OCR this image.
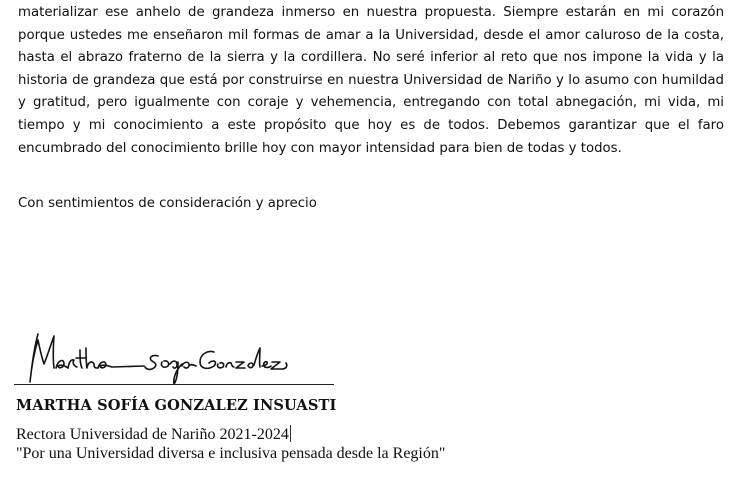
materializar ese anhelo de grandeza inmerso en nuestra propuesta. Siempre estarán en mi corazón porque ustedes me enseñaron mil formas de amar a la Universidad, desde el amor caluroso de la costa, hasta el abrazo fraterno de la sierra y la cordillera. No seré inferior al reto que nos impone la vida y la historia de grandeza que está por construirse en nuestra Universidad de Nariño y lo asumo con humildad y gratitud, pero igualmente con coraje y vehemencia, entregando con total abnegación, mi vida, mi tiempo y mi conocimiento a este propósito que hoy es de todos. Debemos garantizar que el faro encumbrado del conocimiento brille hoy con mayor intensidad para bien de todas y todos.

Con sentimientos de consideración y aprecio

MARTHA SOFÍA GONZALEZ INSUASTI
Rectora Universidad de Nariño 2021-2024
"Por una Universidad diversa e inclusiva pensada desde la Región"
